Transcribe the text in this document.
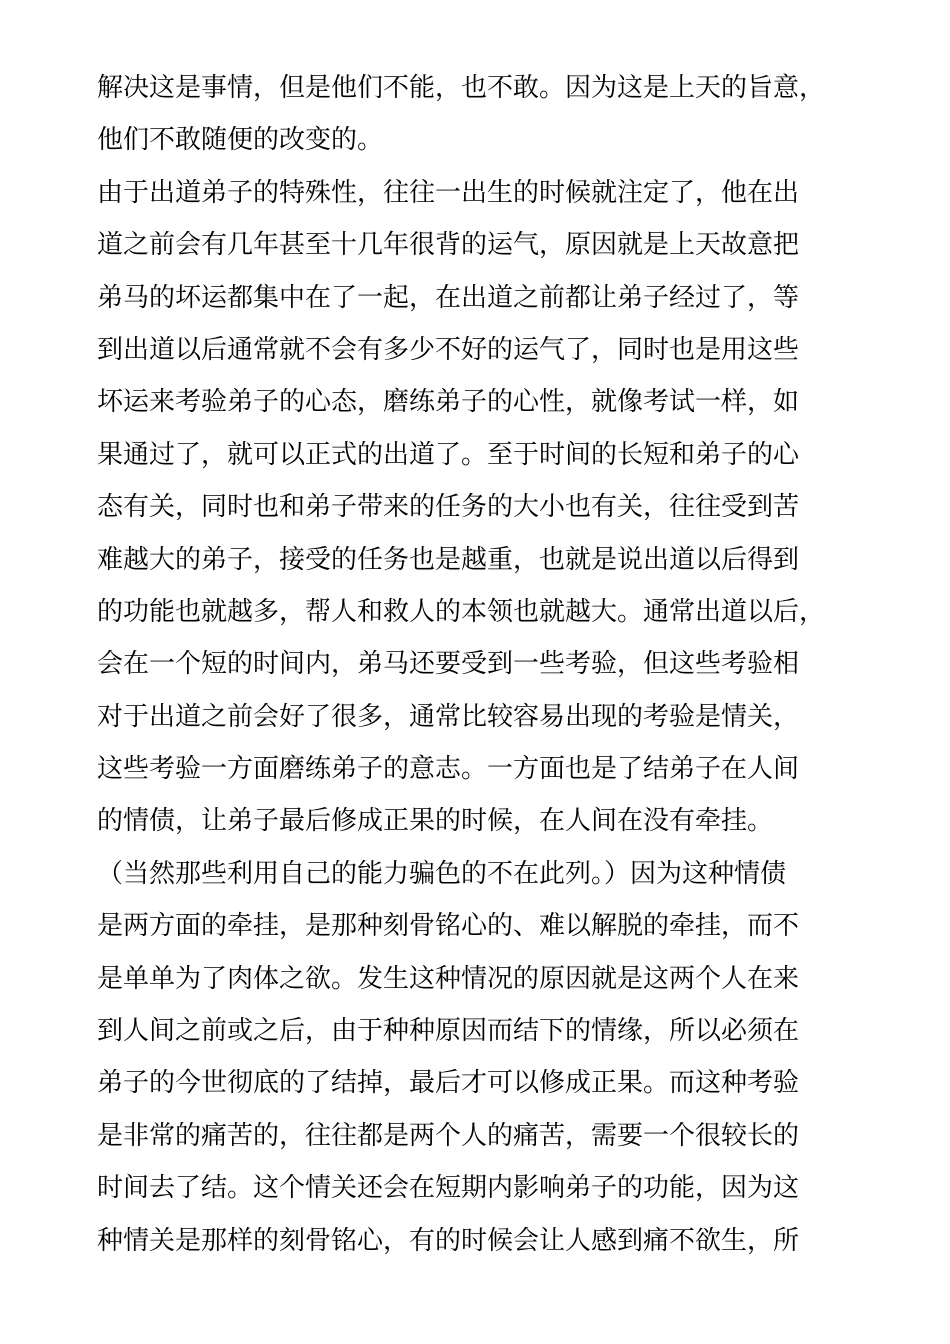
解决这是事情，但是他们不能，也不敢。因为这是上天的旨意，
他们不敢随便的改变的。
由于出道弟子的特殊性，往往一出生的时候就注定了，他在出
道之前会有几年甚至十几年很背的运气，原因就是上天故意把
弟马的坏运都集中在了一起，在出道之前都让弟子经过了，等
到出道以后通常就不会有多少不好的运气了，同时也是用这些
坏运来考验弟子的心态，磨练弟子的心性，就像考试一样，如
果通过了，就可以正式的出道了。至于时间的长短和弟子的心
态有关，同时也和弟子带来的任务的大小也有关，往往受到苦
难越大的弟子，接受的任务也是越重，也就是说出道以后得到
的功能也就越多，帮人和救人的本领也就越大。通常出道以后，
会在一个短的时间内，弟马还要受到一些考验，但这些考验相
对于出道之前会好了很多，通常比较容易出现的考验是情关，
这些考验一方面磨练弟子的意志。一方面也是了结弟子在人间
的情债，让弟子最后修成正果的时候，在人间在没有牵挂。
（当然那些利用自己的能力骗色的不在此列。）因为这种情债
是两方面的牵挂，是那种刻骨铭心的、难以解脱的牵挂，而不
是单单为了肉体之欲。发生这种情况的原因就是这两个人在来
到人间之前或之后，由于种种原因而结下的情缘，所以必须在
弟子的今世彻底的了结掉，最后才可以修成正果。而这种考验
是非常的痛苦的，往往都是两个人的痛苦，需要一个很较长的
时间去了结。这个情关还会在短期内影响弟子的功能，因为这
种情关是那样的刻骨铭心，有的时候会让人感到痛不欲生，所
